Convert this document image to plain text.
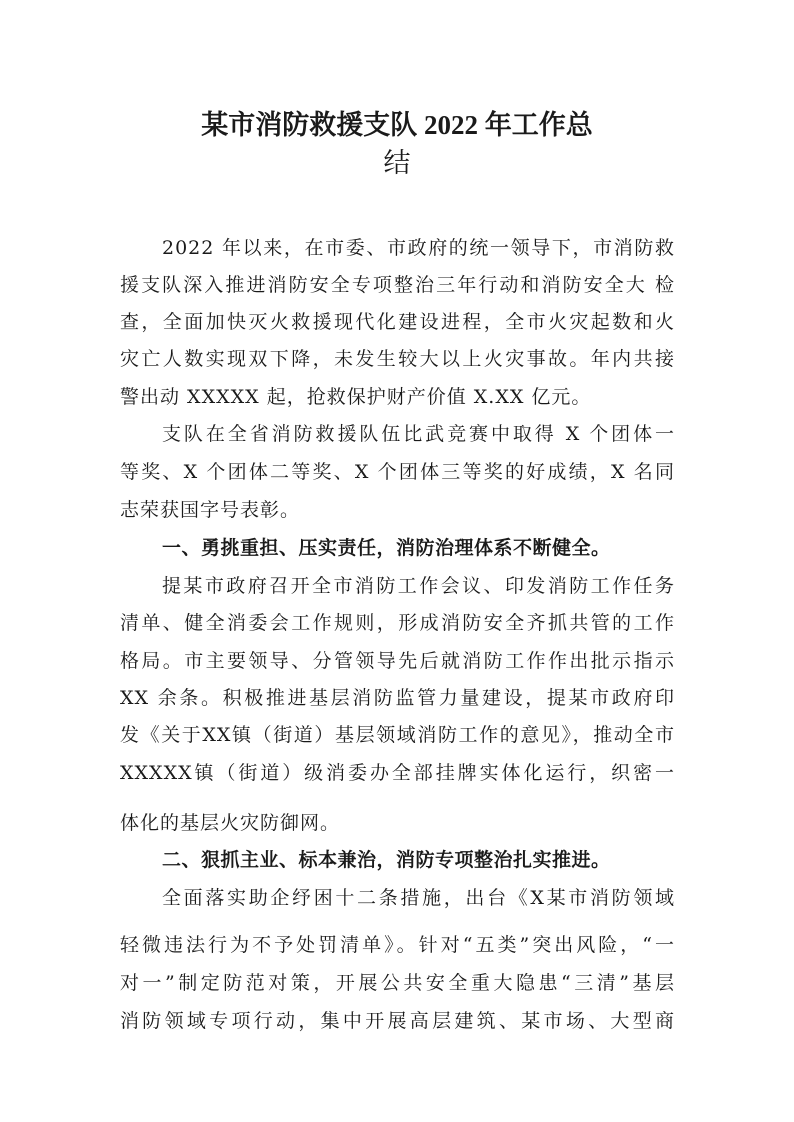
某市消防救援支队 2022 年工作总
结
2022 年以来，在市委、市政府的统一领导下，市消防救
援支队深入推进消防安全专项整治三年行动和消防安全大 检
查，全面加快灭火救援现代化建设进程，全市火灾起数和火
灾亡人数实现双下降，未发生较大以上火灾事故。年内共接
警出动 XXXXX 起，抢救保护财产价值 X.XX 亿元。
支队在全省消防救援队伍比武竞赛中取得 X 个团体一
等奖、X 个团体二等奖、X 个团体三等奖的好成绩，X 名同
志荣获国字号表彰。
一、勇挑重担、压实责任，消防治理体系不断健全。
提某市政府召开全市消防工作会议、印发消防工作任务
清单、健全消委会工作规则，形成消防安全齐抓共管的工作
格局。市主要领导、分管领导先后就消防工作作出批示指示
XX 余条。积极推进基层消防监管力量建设，提某市政府印
发《关于XX镇（街道）基层领域消防工作的意见》，推动全市
XXXXX镇（街道）级消委办全部挂牌实体化运行，织密一
体化的基层火灾防御网。
二、狠抓主业、标本兼治，消防专项整治扎实推进。
全面落实助企纾困十二条措施，出台《X某市消防领域
轻微违法行为不予处罚清单》。针对“五类”突出风险，“一
对一”制定防范对策，开展公共安全重大隐患“三清”基层
消防领域专项行动，集中开展高层建筑、某市场、大型商
